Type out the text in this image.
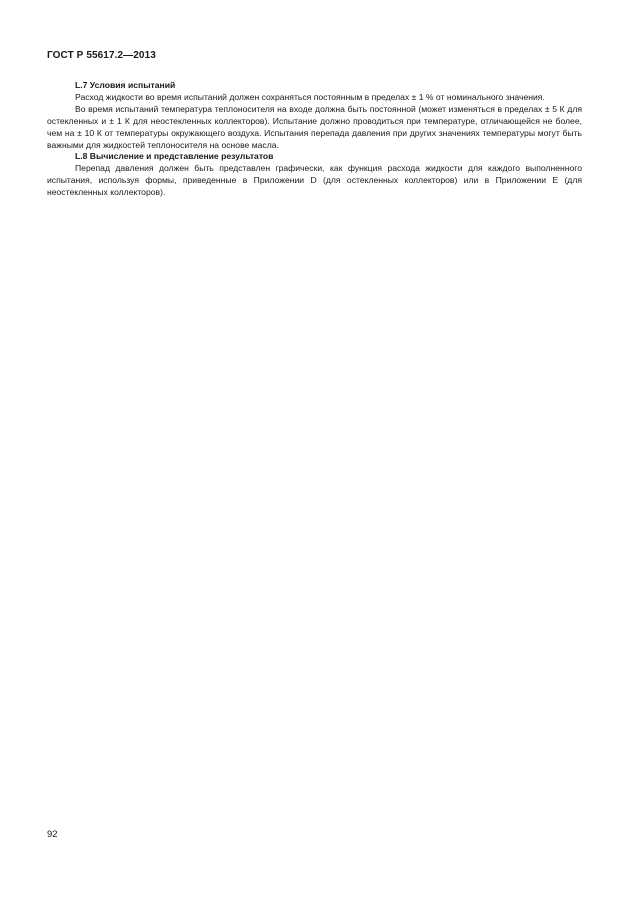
ГОСТ Р 55617.2—2013
L.7 Условия испытаний

Расход жидкости во время испытаний должен сохраняться постоянным в пределах ± 1 % от номинального значения.

Во время испытаний температура теплоносителя на входе должна быть постоянной (может изменяться в пределах ± 5 К для остекленных и ± 1 К для неостекленных коллекторов). Испытание должно проводиться при температуре, отличающейся не более, чем на ± 10 К от температуры окружающего воздуха. Испытания перепада давления при других значениях температуры могут быть важными для жидкостей теплоносителя на основе масла.

L.8 Вычисление и представление результатов

Перепад давления должен быть представлен графически, как функция расхода жидкости для каждого выполненного испытания, используя формы, приведенные в Приложении D (для остекленных коллекторов) или в Приложении Е (для неостекленных коллекторов).

92
